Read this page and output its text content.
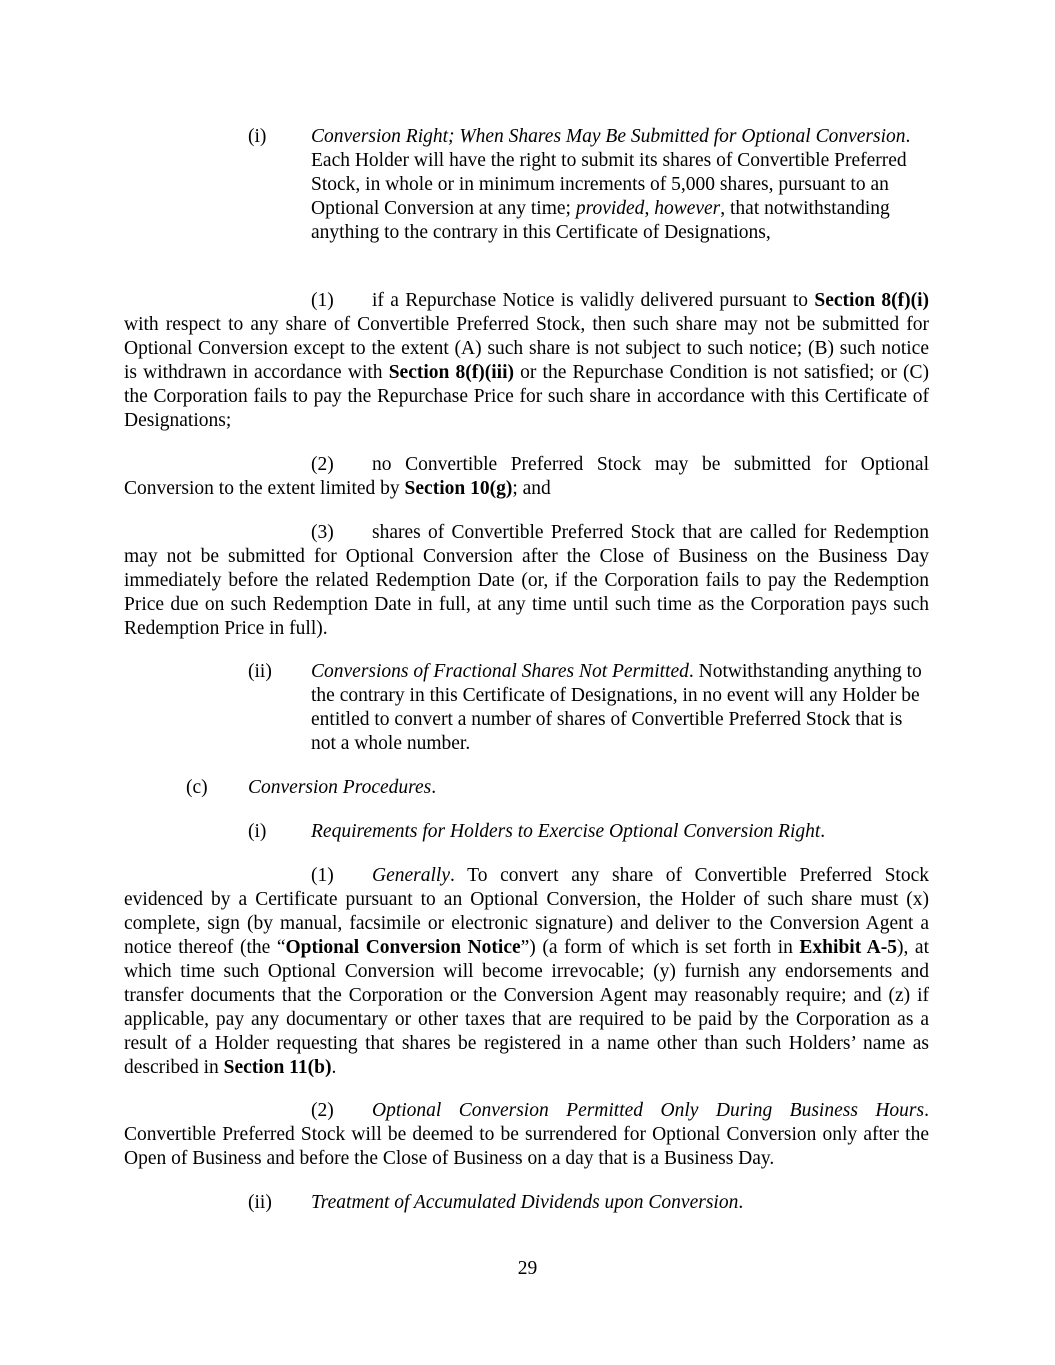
(i) Conversion Right; When Shares May Be Submitted for Optional Conversion. Each Holder will have the right to submit its shares of Convertible Preferred Stock, in whole or in minimum increments of 5,000 shares, pursuant to an Optional Conversion at any time; provided, however, that notwithstanding anything to the contrary in this Certificate of Designations,
(1)	if a Repurchase Notice is validly delivered pursuant to Section 8(f)(i) with respect to any share of Convertible Preferred Stock, then such share may not be submitted for Optional Conversion except to the extent (A) such share is not subject to such notice; (B) such notice is withdrawn in accordance with Section 8(f)(iii) or the Repurchase Condition is not satisfied; or (C) the Corporation fails to pay the Repurchase Price for such share in accordance with this Certificate of Designations;
(2)	no Convertible Preferred Stock may be submitted for Optional Conversion to the extent limited by Section 10(g); and
(3)	shares of Convertible Preferred Stock that are called for Redemption may not be submitted for Optional Conversion after the Close of Business on the Business Day immediately before the related Redemption Date (or, if the Corporation fails to pay the Redemption Price due on such Redemption Date in full, at any time until such time as the Corporation pays such Redemption Price in full).
(ii) Conversions of Fractional Shares Not Permitted. Notwithstanding anything to the contrary in this Certificate of Designations, in no event will any Holder be entitled to convert a number of shares of Convertible Preferred Stock that is not a whole number.
(c) Conversion Procedures.
(i) Requirements for Holders to Exercise Optional Conversion Right.
(1)	Generally. To convert any share of Convertible Preferred Stock evidenced by a Certificate pursuant to an Optional Conversion, the Holder of such share must (x) complete, sign (by manual, facsimile or electronic signature) and deliver to the Conversion Agent a notice thereof (the “Optional Conversion Notice”) (a form of which is set forth in Exhibit A-5), at which time such Optional Conversion will become irrevocable; (y) furnish any endorsements and transfer documents that the Corporation or the Conversion Agent may reasonably require; and (z) if applicable, pay any documentary or other taxes that are required to be paid by the Corporation as a result of a Holder requesting that shares be registered in a name other than such Holders’ name as described in Section 11(b).
(2)	Optional Conversion Permitted Only During Business Hours. Convertible Preferred Stock will be deemed to be surrendered for Optional Conversion only after the Open of Business and before the Close of Business on a day that is a Business Day.
(ii) Treatment of Accumulated Dividends upon Conversion.
29
